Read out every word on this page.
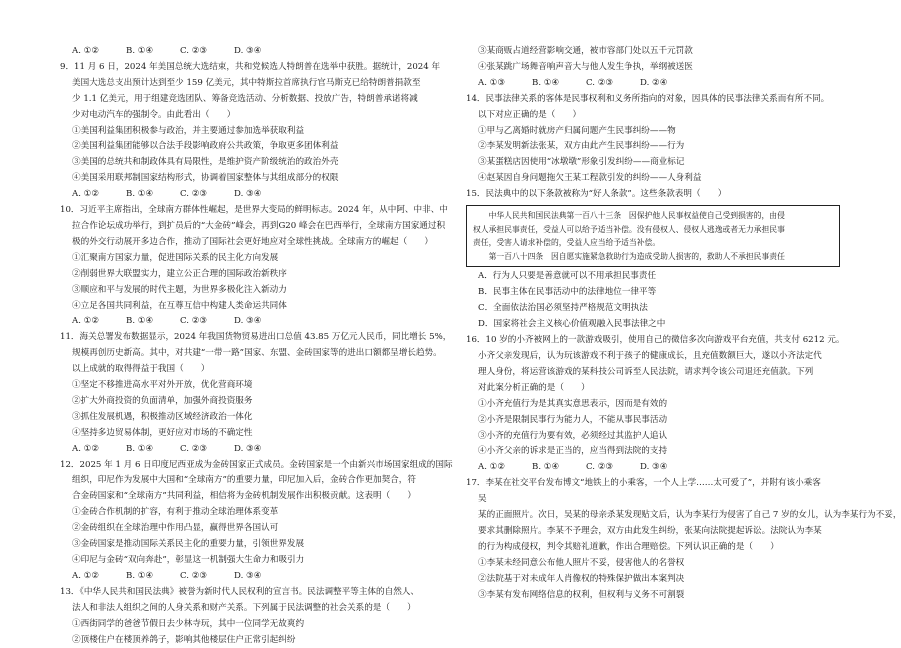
A. ①②	B. ①④	C. ②③	D. ③④
9．11 月 6 日，2024 年美国总统大选结束，共和党候选人特朗普在选举中获胜。据统计，2024 年
美国大选总支出预计达到至少 159 亿美元，其中特斯拉首席执行官马斯克已给特朗普捐款至
少 1.1 亿美元，用于组建竞选团队、筹备竞选活动、分析数据、投放广告，特朗普承诺将减
少对电动汽车的强制令。由此看出（　　）
①美国利益集团积极参与政治，并主要通过参加选举获取利益
②美国利益集团能够以合法手段影响政府公共政策，争取更多团体利益
③美国的总统共和制政体具有局限性，是维护资产阶级统治的政治外壳
④美国采用联邦制国家结构形式，协调着国家整体与其组成部分的权限
A. ①②	B. ①④	C. ②③	D. ③④
10．习近平主席指出，全球南方群体性崛起，是世界大变局的鲜明标志。2024 年，从中阿、中非、中
拉合作论坛成功举行，到扩员后的“大金砖”峰会，再到G20 峰会在巴西举行，全球南方国家通过积
极的外交行动展开多边合作，推动了国际社会更好地应对全球性挑战。全球南方的崛起（　　）
①汇聚南方国家力量，促进国际关系的民主化方向发展
②削弱世界大联盟实力，建立公正合理的国际政治新秩序
③顺应和平与发展的时代主题，为世界多极化注入新动力
④立足各国共同利益，在互尊互信中构建人类命运共同体
A. ①②	B. ①④	C. ②③	D. ③④
11．海关总署发布数据显示，2024 年我国货物贸易进出口总值 43.85 万亿元人民币，同比增长 5%，
规模再创历史新高。其中，对共建“一带一路”国家、东盟、金砖国家等的进出口额都呈增长趋势。
以上成就的取得得益于我国（　　）
①坚定不移推进高水平对外开放，优化营商环境
②扩大外商投资的负面清单，加强外商投资服务
③抓住发展机遇，积极推动区域经济政治一体化
④坚持多边贸易体制，更好应对市场的不确定性
A. ①②	B. ①④	C. ②③	D. ③④
12．2025 年 1 月 6 日印度尼西亚成为金砖国家正式成员。金砖国家是一个由新兴市场国家组成的国际
组织，印尼作为发展中大国和“全球南方”的重要力量，印尼加入后，金砖合作更加契合，符
合金砖国家和“全球南方”共同利益，相信将为金砖机制发展作出积极贡献。这表明（　　）
①金砖合作机制的扩容，有利于推动全球治理体系变革
②金砖组织在全球治理中作用凸显，赢得世界各国认可
③金砖国家是推动国际关系民主化的重要力量，引领世界发展
④印尼与金砖“双向奔赴”，彰显这一机制强大生命力和吸引力
A. ①②	B. ①④	C. ②③	D. ③④
13．《中华人民共和国民法典》被誉为新时代人民权利的宣言书。民法调整平等主体的自然人、
法人和非法人组织之间的人身关系和财产关系。下列属于民法调整的社会关系的是（　　）
①西街同学的爸爸节假日去少林寺玩，其中一位同学无故爽约
②顶楼住户在楼顶养鸽子，影响其他楼层住户正常引起纠纷
③某商贩占道经营影响交通，被市容部门处以五千元罚款
④张某跳广场舞音响声音大与他人发生争执，举纲被送医
A. ①③	B. ①④	C. ②③	D. ②④
14．民事法律关系的客体是民事权利和义务所指向的对象，因具体的民事法律关系而有所不同。
以下对应正确的是（　　）
①甲与乙离婚时就房产归属问题产生民事纠纷——物
②李某发明新法张某，双方由此产生民事纠纷——行为
③某蛋糕店因使用“冰墩墩”形象引发纠纷——商业标记
④赵某因自身问题拖欠王某工程款引发的纠纷——人身利益
15．民法典中的以下条款被称为“好人条款”。这些条款表明（　　）
　　中华人民共和国民法典第一百八十三条　因保护他人民事权益使自己受到损害的，由侵
权人承担民事责任，受益人可以给予适当补偿。没有侵权人、侵权人逃逸或者无力承担民事
责任，受害人请求补偿的，受益人应当给予适当补偿。
　　第一百八十四条　因自愿实施紧急救助行为造成受助人损害的，救助人不承担民事责任
A．行为人只要是善意就可以不用承担民事责任
B．民事主体在民事活动中的法律地位一律平等
C．全面依法治国必须坚持严格规范文明执法
D．国家将社会主义核心价值观融入民事法律之中
16．10 岁的小齐被网上的一款游戏吸引，使用自己的微信多次向游戏平台充值，共支付 6212 元。
小齐父亲发现后，认为玩该游戏不利于孩子的健康成长，且充值数额巨大，遂以小齐法定代
理人身份，将运营该游戏的某科技公司诉至人民法院，请求判令该公司退还充值款。下列
对此案分析正确的是（　　）
①小齐充值行为是其真实意思表示，因而是有效的
②小齐是限制民事行为能力人，不能从事民事活动
③小齐的充值行为要有效，必须经过其监护人追认
④小齐父亲的诉求是正当的，应当得到法院的支持
A. ①②	B. ①④	C. ②③	D. ③④
17．李某在社交平台发布博文“地铁上的小乘客，一个人上学……太可爱了”，并附有该小乘客
吴
某的正面照片。次日，吴某的母亲杀某发现贴文后，认为李某行为侵害了自己 7 岁的女儿，认为李某行为不妥，
要求其删除照片。李某不予理会，双方由此发生纠纷，张某向法院提起诉讼。法院认为李某
的行为构成侵权，判令其赔礼道歉，作出合理赔偿。下列认识正确的是（　　）
①李某未经同意公布他人照片不妥，侵害他人的名誉权
②法院基于对未成年人肖像权的特殊保护做出本案判决
③李某有发布网络信息的权利，但权利与义务不可割裂
